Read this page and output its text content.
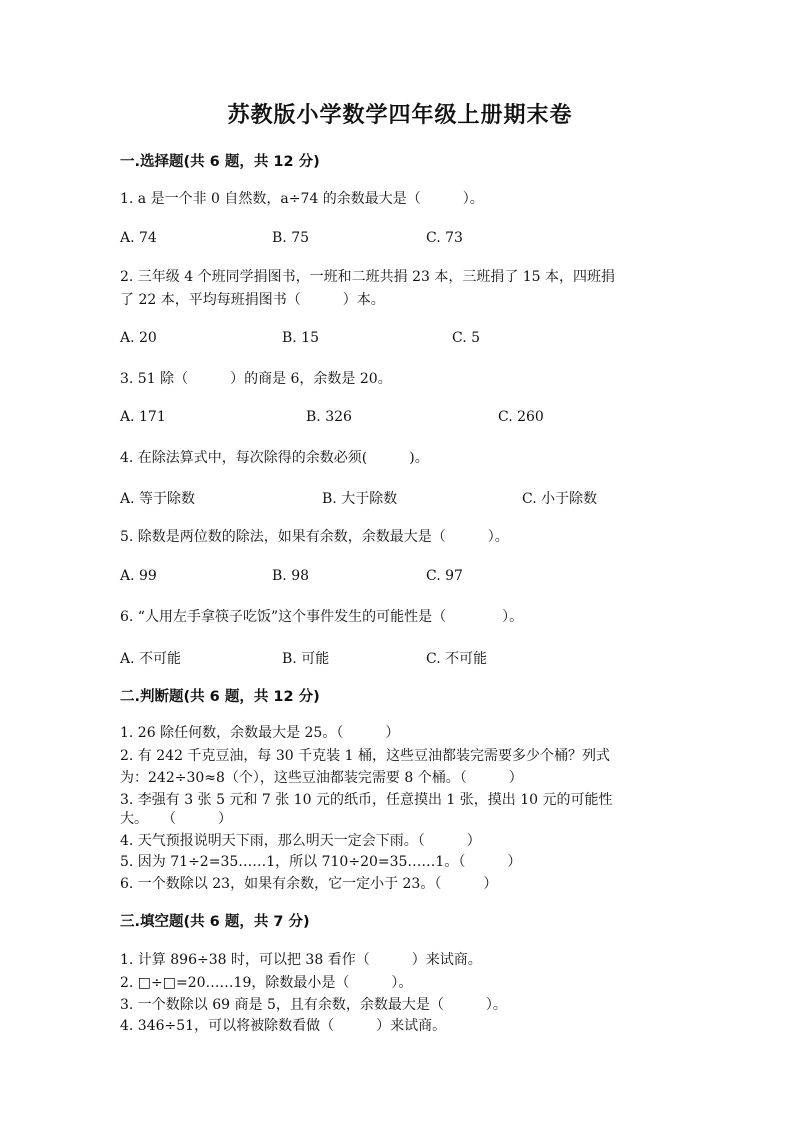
苏教版小学数学四年级上册期末卷
一.选择题(共 6 题，共 12 分)
1. a 是一个非 0 自然数，a÷74 的余数最大是（　　　）。
A. 74	B. 75	C. 73
2. 三年级 4 个班同学捐图书，一班和二班共捐 23 本，三班捐了 15 本，四班捐
了 22 本，平均每班捐图书（　　　）本。
A. 20	B. 15	C. 5
3. 51 除（　　　）的商是 6，余数是 20。
A. 171	B. 326	C. 260
4. 在除法算式中，每次除得的余数必须(　　　)。
A. 等于除数	B. 大于除数	C. 小于除数
5. 除数是两位数的除法，如果有余数，余数最大是（　　　）。
A. 99	B. 98	C. 97
6. “人用左手拿筷子吃饭”这个事件发生的可能性是（　　　　）。
A. 不可能	B. 可能	C. 不可能
二.判断题(共 6 题，共 12 分)
1. 26 除任何数，余数最大是 25。（　　　）
2. 有 242 千克豆油，每 30 千克装 1 桶，这些豆油都装完需要多少个桶？列式
为：242÷30≈8（个），这些豆油都装完需要 8 个桶。（　　　）
3. 李强有 3 张 5 元和 7 张 10 元的纸币，任意摸出 1 张，摸出 10 元的可能性
大。　　（　　　）
4. 天气预报说明天下雨，那么明天一定会下雨。（　　　）
5. 因为 71÷2=35……1，所以 710÷20=35……1。（　　　）
6. 一个数除以 23，如果有余数，它一定小于 23。（　　　）
三.填空题(共 6 题，共 7 分)
1. 计算 896÷38 时，可以把 38 看作（　　　）来试商。
2. □÷□=20……19，除数最小是（　　　）。
3. 一个数除以 69 商是 5，且有余数，余数最大是（　　　）。
4. 346÷51，可以将被除数看做（　　　）来试商。
